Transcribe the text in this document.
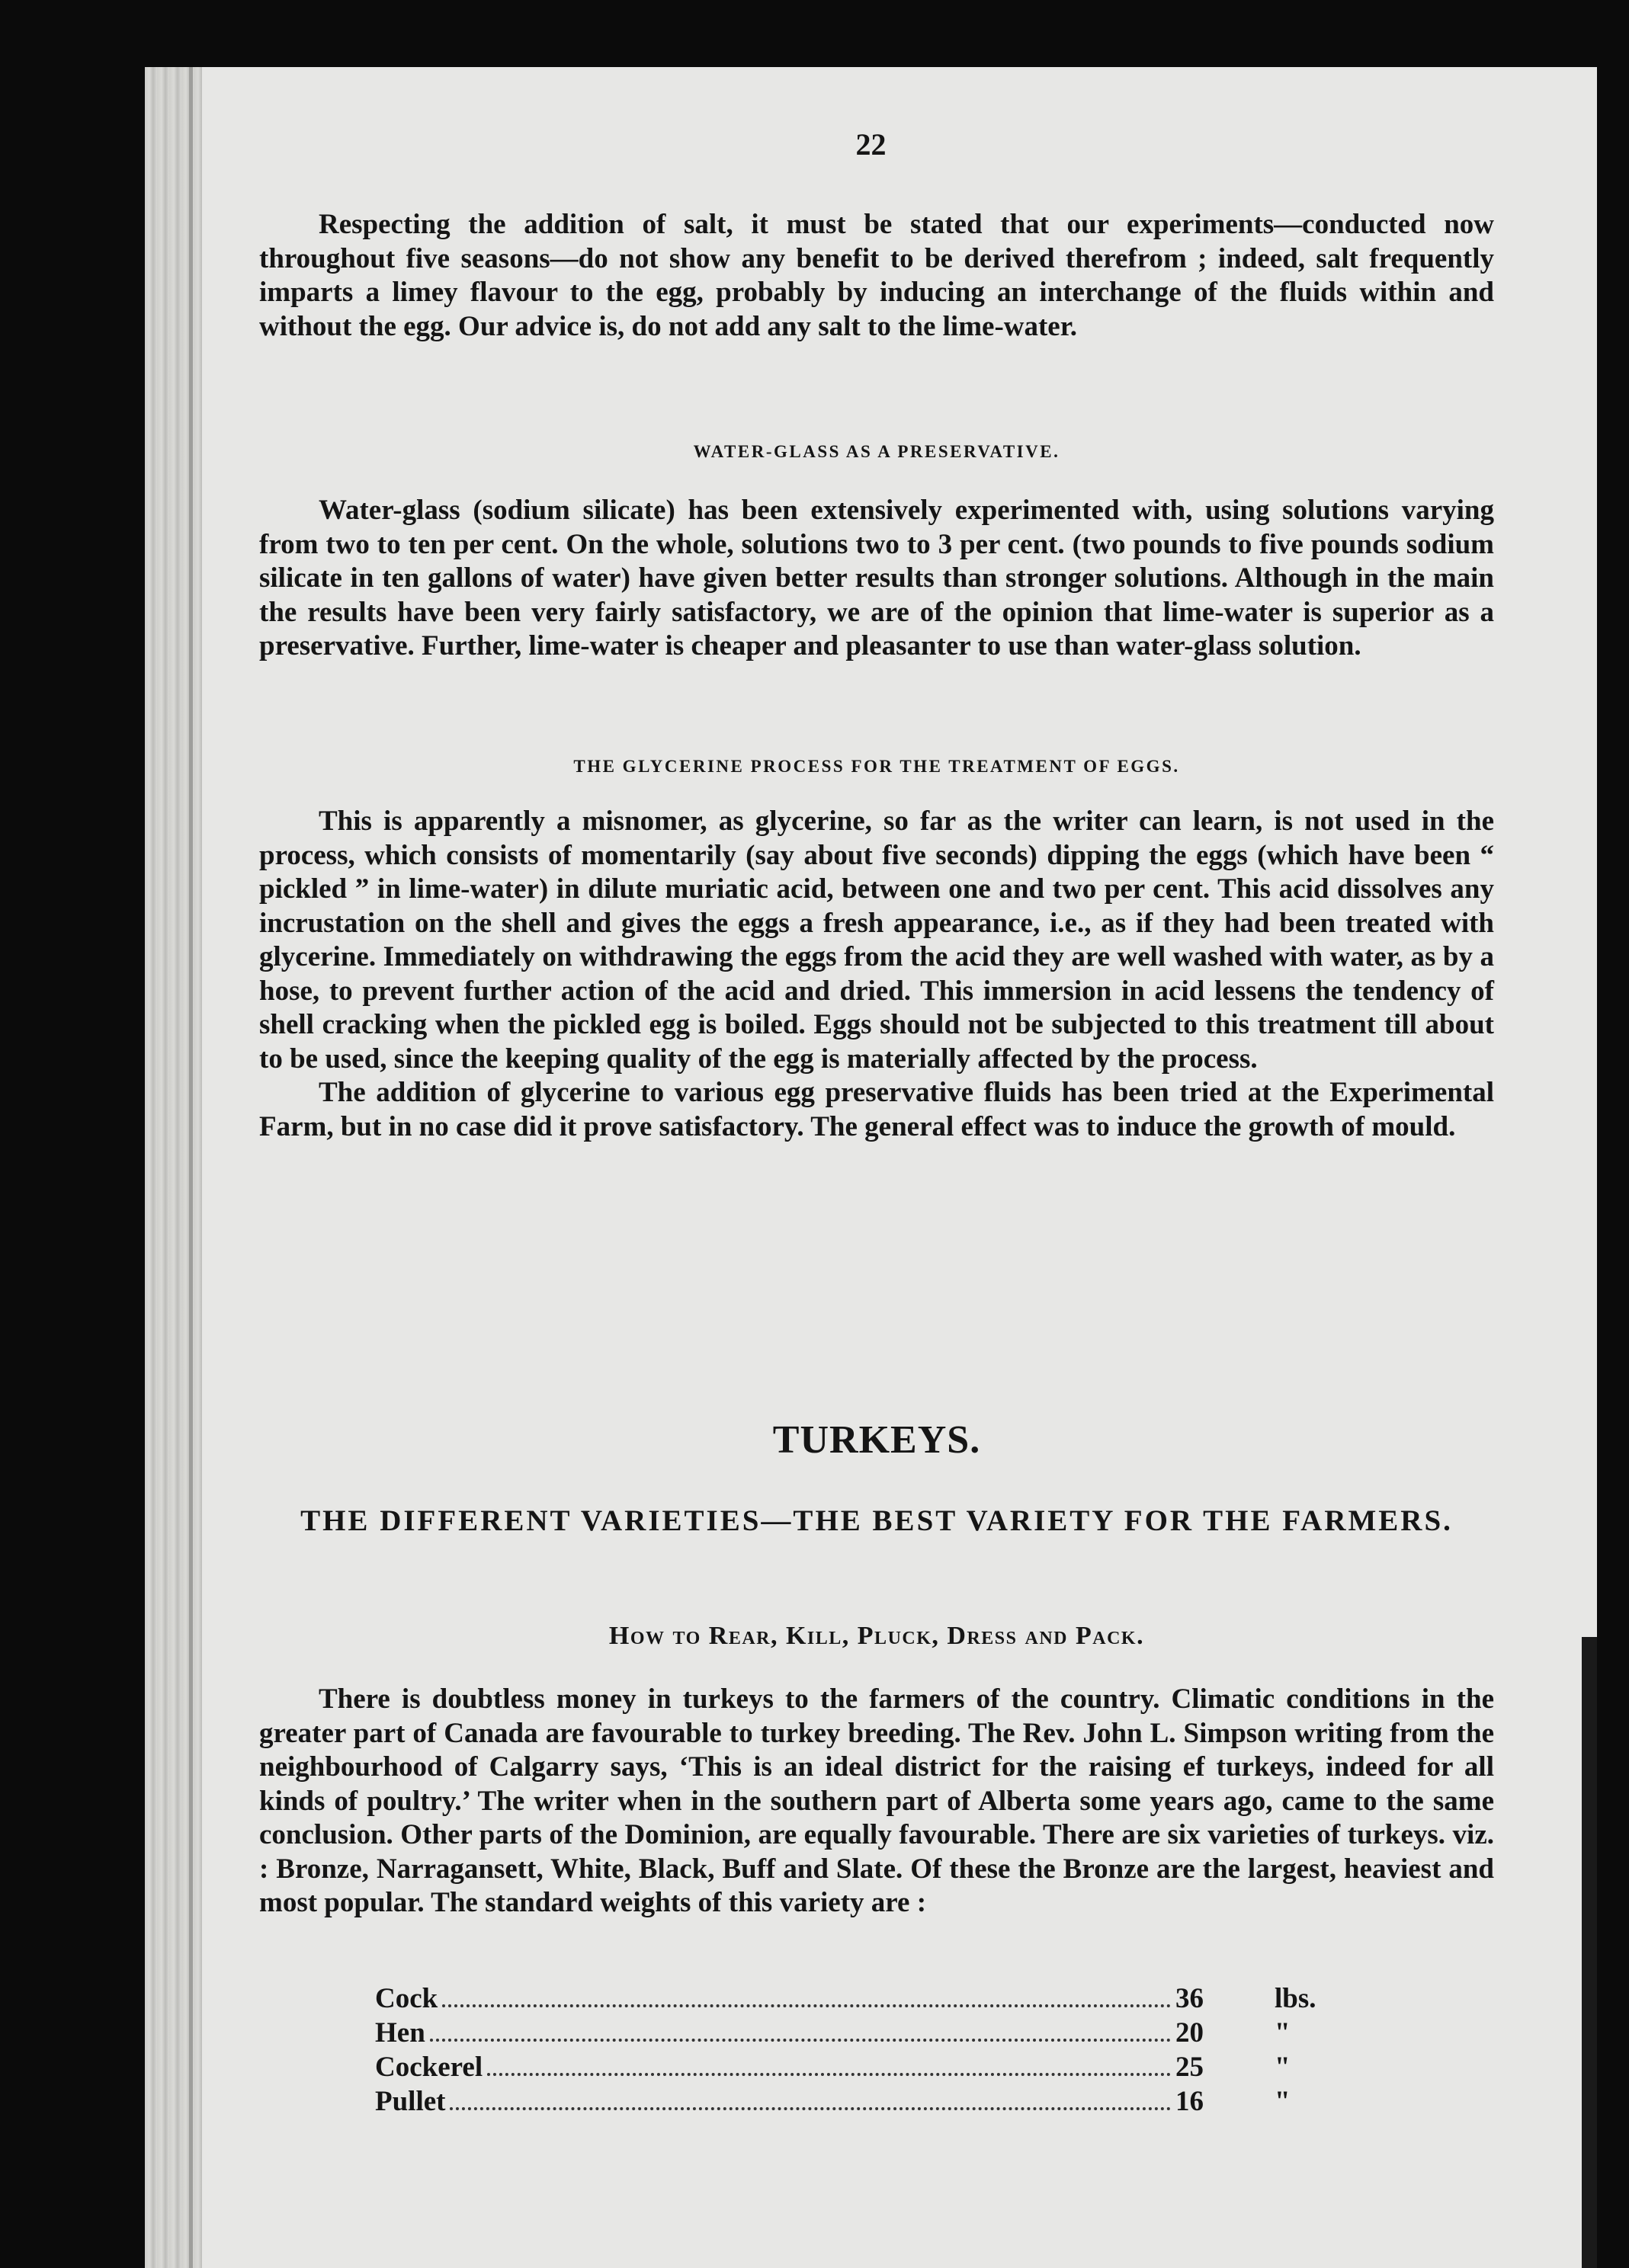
22

Respecting the addition of salt, it must be stated that our experiments—conducted now throughout five seasons—do not show any benefit to be derived therefrom ; indeed, salt frequently imparts a limey flavour to the egg, probably by inducing an interchange of the fluids within and without the egg. Our advice is, do not add any salt to the lime-water.

WATER-GLASS AS A PRESERVATIVE.

Water-glass (sodium silicate) has been extensively experimented with, using solutions varying from two to ten per cent. On the whole, solutions two to 3 per cent. (two pounds to five pounds sodium silicate in ten gallons of water) have given better results than stronger solutions. Although in the main the results have been very fairly satisfactory, we are of the opinion that lime-water is superior as a preservative. Further, lime-water is cheaper and pleasanter to use than water-glass solution.

THE GLYCERINE PROCESS FOR THE TREATMENT OF EGGS.

This is apparently a misnomer, as glycerine, so far as the writer can learn, is not used in the process, which consists of momentarily (say about five seconds) dipping the eggs (which have been “ pickled ” in lime-water) in dilute muriatic acid, between one and two per cent. This acid dissolves any incrustation on the shell and gives the eggs a fresh appearance, i.e., as if they had been treated with glycerine. Immediately on withdrawing the eggs from the acid they are well washed with water, as by a hose, to prevent further action of the acid and dried. This immersion in acid lessens the tendency of shell cracking when the pickled egg is boiled. Eggs should not be subjected to this treatment till about to be used, since the keeping quality of the egg is materially affected by the process.

The addition of glycerine to various egg preservative fluids has been tried at the Experimental Farm, but in no case did it prove satisfactory. The general effect was to induce the growth of mould.

TURKEYS.
THE DIFFERENT VARIETIES—THE BEST VARIETY FOR THE FARMERS.
How to Rear, Kill, Pluck, Dress and Pack.

There is doubtless money in turkeys to the farmers of the country. Climatic conditions in the greater part of Canada are favourable to turkey breeding. The Rev. John L. Simpson writing from the neighbourhood of Calgarry says, ‘This is an ideal district for the raising ef turkeys, indeed for all kinds of poultry.’ The writer when in the southern part of Alberta some years ago, came to the same conclusion. Other parts of the Dominion, are equally favourable. There are six varieties of turkeys. viz. : Bronze, Narragansett, White, Black, Buff and Slate. Of these the Bronze are the largest, heaviest and most popular. The standard weights of this variety are :

Cock	36	lbs.
Hen	20	"
Cockerel	25	"
Pullet	16	"
